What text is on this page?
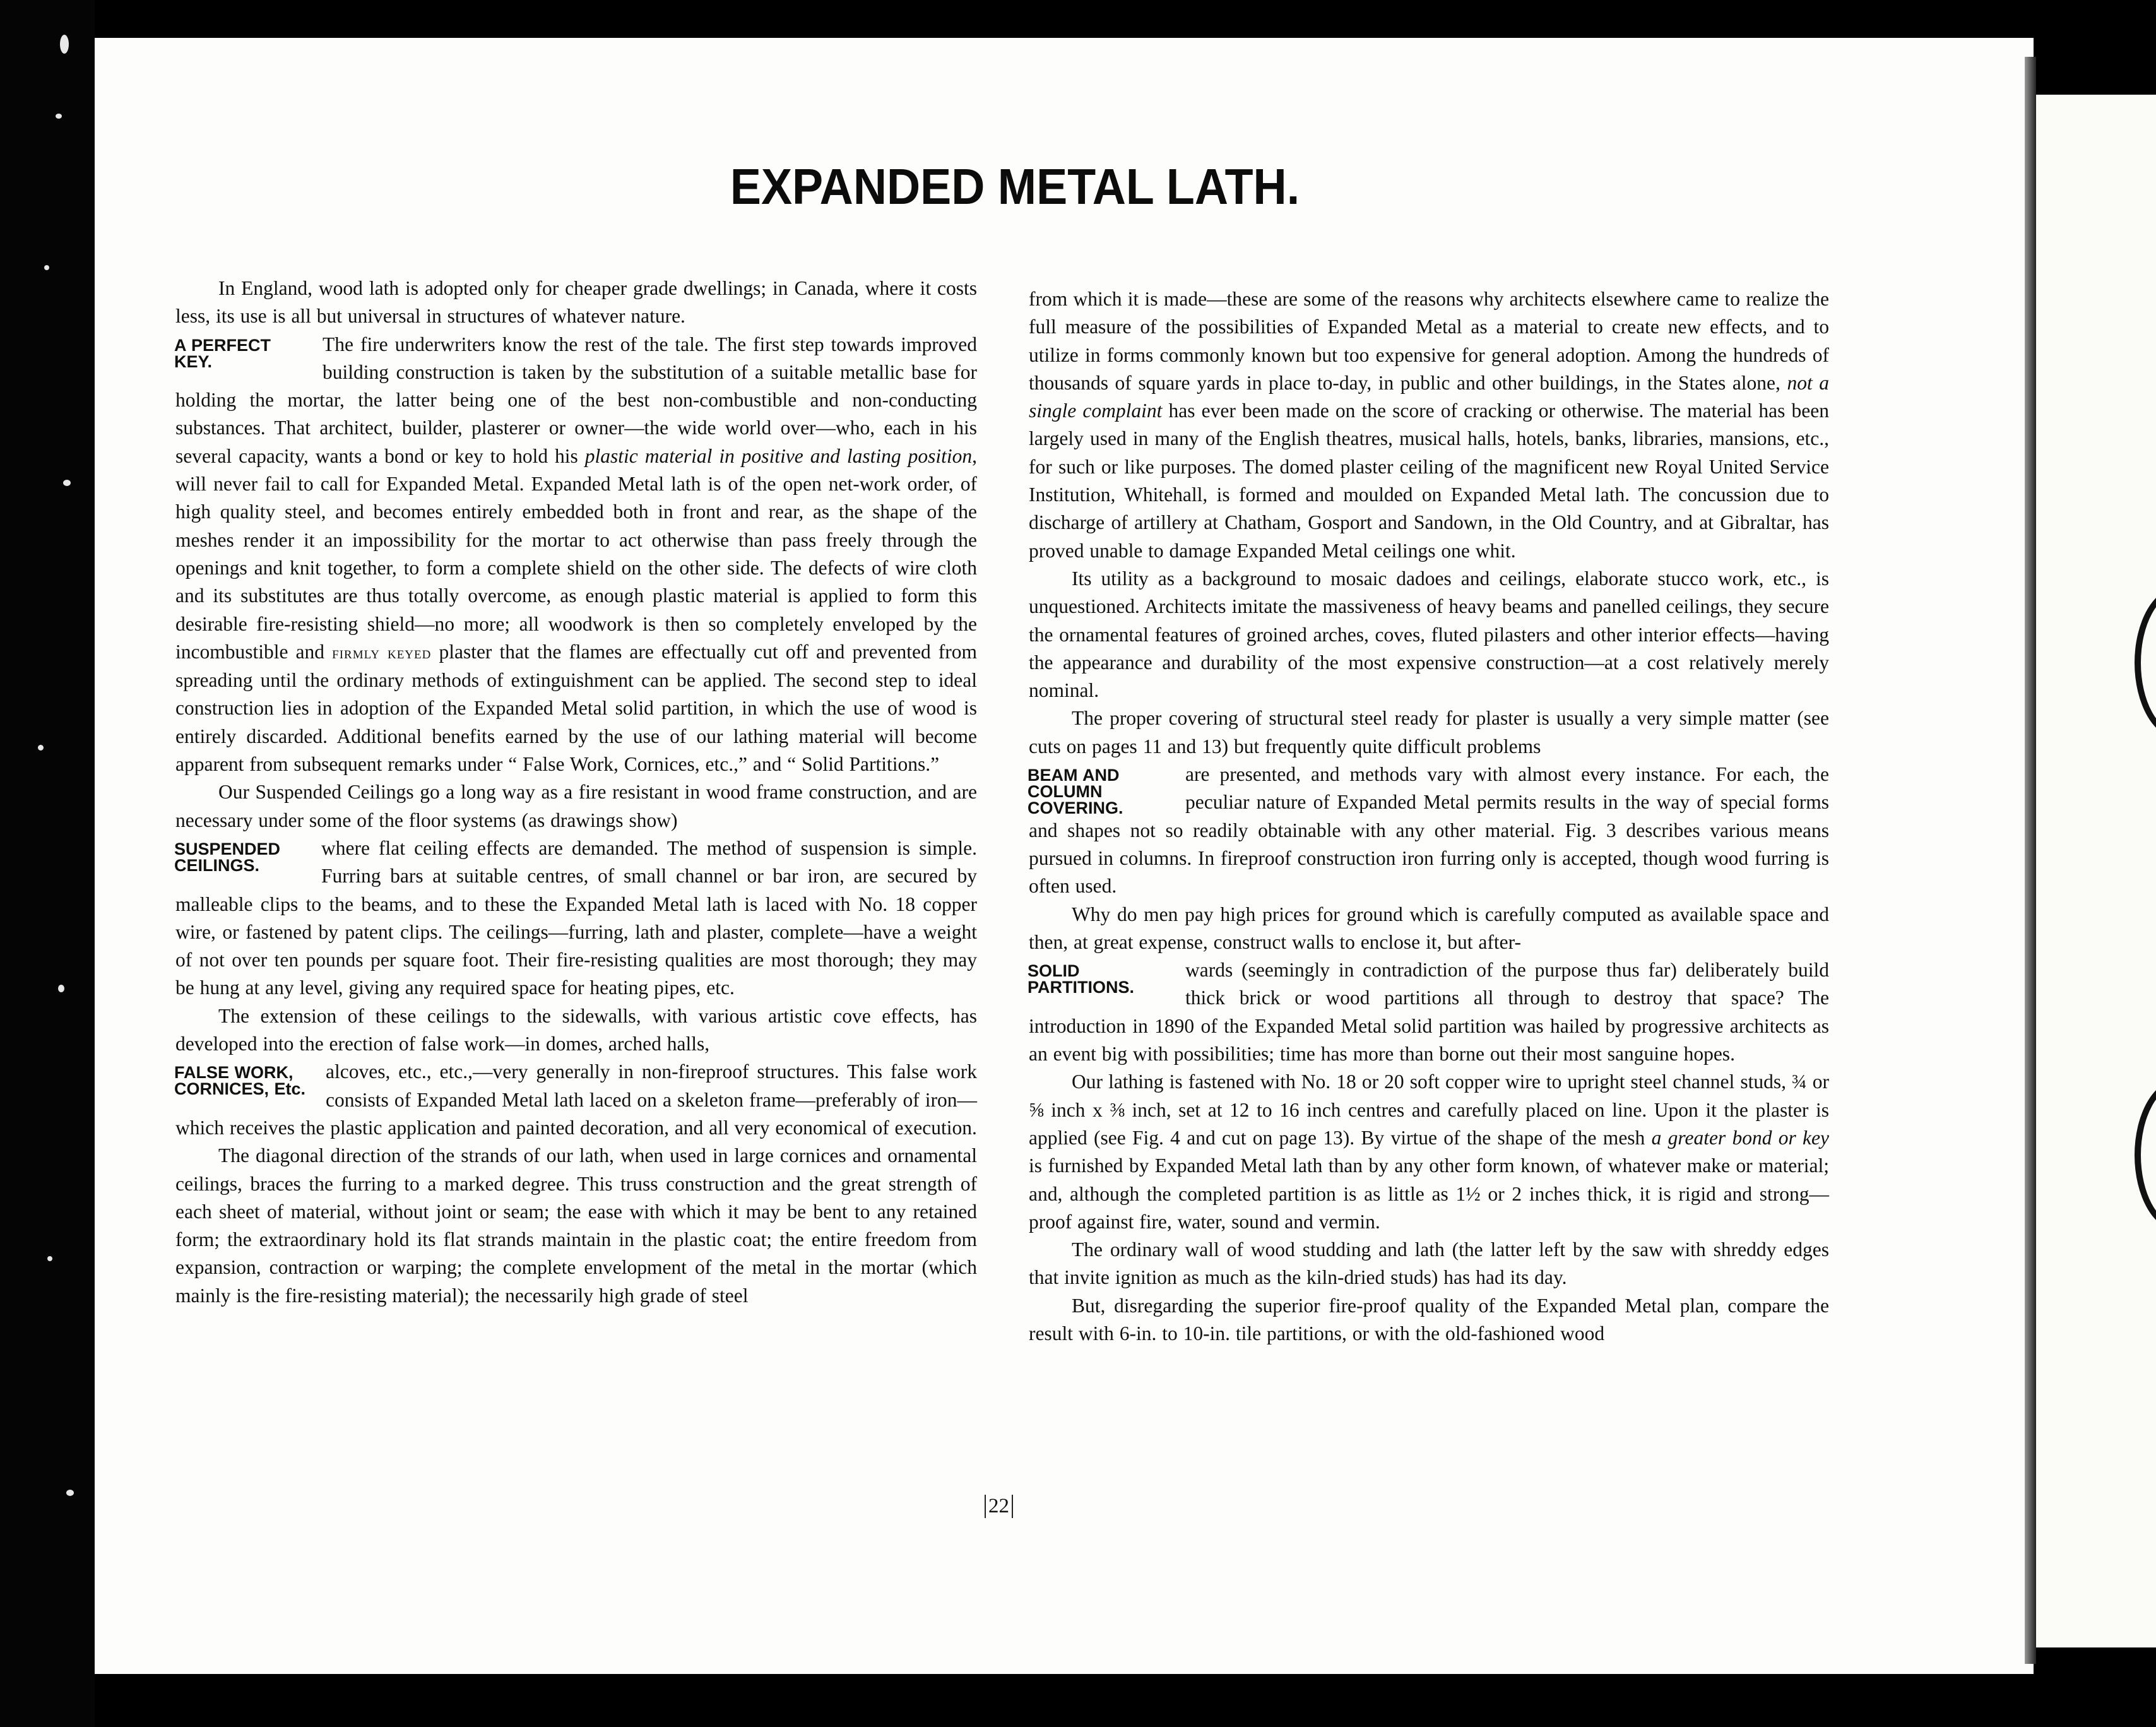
EXPANDED METAL LATH.

In England, wood lath is adopted only for cheaper grade dwellings; in Canada, where it costs less, its use is all but universal in structures of whatever nature.

A PERFECT
KEY.
The fire underwriters know the rest of the tale. The first step towards improved building construction is taken by the substitution of a suitable metallic base for holding the mortar, the latter being one of the best non-combustible and non-conducting substances. That architect, builder, plasterer or owner—the wide world over—who, each in his several capacity, wants a bond or key to hold his plastic material in positive and lasting position, will never fail to call for Expanded Metal. Expanded Metal lath is of the open net-work order, of high quality steel, and becomes entirely embedded both in front and rear, as the shape of the meshes render it an impossibility for the mortar to act otherwise than pass freely through the openings and knit together, to form a complete shield on the other side. The defects of wire cloth and its substitutes are thus totally overcome, as enough plastic material is applied to form this desirable fire-resisting shield—no more; all woodwork is then so completely enveloped by the incombustible and firmly keyed plaster that the flames are effectually cut off and prevented from spreading until the ordinary methods of extinguishment can be applied. The second step to ideal construction lies in adoption of the Expanded Metal solid partition, in which the use of wood is entirely discarded. Additional benefits earned by the use of our lathing material will become apparent from subsequent remarks under “ False Work, Cornices, etc.,” and “ Solid Partitions.”

Our Suspended Ceilings go a long way as a fire resistant in wood frame construction, and are necessary under some of the floor systems (as drawings show)

SUSPENDED
CEILINGS.
where flat ceiling effects are demanded. The method of suspension is simple. Furring bars at suitable centres, of small channel or bar iron, are secured by malleable clips to the beams, and to these the Expanded Metal lath is laced with No. 18 copper wire, or fastened by patent clips. The ceilings—furring, lath and plaster, complete—have a weight of not over ten pounds per square foot. Their fire-resisting qualities are most thorough; they may be hung at any level, giving any required space for heating pipes, etc.

The extension of these ceilings to the sidewalls, with various artistic cove effects, has developed into the erection of false work—in domes, arched halls,

FALSE WORK,
CORNICES, Etc.
alcoves, etc., etc.,—very generally in non-fireproof structures. This false work consists of Expanded Metal lath laced on a skeleton frame—preferably of iron—which receives the plastic application and painted decoration, and all very economical of execution.

The diagonal direction of the strands of our lath, when used in large cornices and ornamental ceilings, braces the furring to a marked degree. This truss construction and the great strength of each sheet of material, without joint or seam; the ease with which it may be bent to any retained form; the extraordinary hold its flat strands maintain in the plastic coat; the entire freedom from expansion, contraction or warping; the complete envelopment of the metal in the mortar (which mainly is the fire-resisting material); the necessarily high grade of steel

from which it is made—these are some of the reasons why architects elsewhere came to realize the full measure of the possibilities of Expanded Metal as a material to create new effects, and to utilize in forms commonly known but too expensive for general adoption. Among the hundreds of thousands of square yards in place to-day, in public and other buildings, in the States alone, not a single complaint has ever been made on the score of cracking or otherwise. The material has been largely used in many of the English theatres, musical halls, hotels, banks, libraries, mansions, etc., for such or like purposes. The domed plaster ceiling of the magnificent new Royal United Service Institution, Whitehall, is formed and moulded on Expanded Metal lath. The concussion due to discharge of artillery at Chatham, Gosport and Sandown, in the Old Country, and at Gibraltar, has proved unable to damage Expanded Metal ceilings one whit.

Its utility as a background to mosaic dadoes and ceilings, elaborate stucco work, etc., is unquestioned. Architects imitate the massiveness of heavy beams and panelled ceilings, they secure the ornamental features of groined arches, coves, fluted pilasters and other interior effects—having the appearance and durability of the most expensive construction—at a cost relatively merely nominal.

The proper covering of structural steel ready for plaster is usually a very simple matter (see cuts on pages 11 and 13) but frequently quite difficult problems

BEAM AND
COLUMN
COVERING.
are presented, and methods vary with almost every instance. For each, the peculiar nature of Expanded Metal permits results in the way of special forms and shapes not so readily obtainable with any other material. Fig. 3 describes various means pursued in columns. In fireproof construction iron furring only is accepted, though wood furring is often used.

Why do men pay high prices for ground which is carefully computed as available space and then, at great expense, construct walls to enclose it, but after-

SOLID
PARTITIONS.
wards (seemingly in contradiction of the purpose thus far) deliberately build thick brick or wood partitions all through to destroy that space? The introduction in 1890 of the Expanded Metal solid partition was hailed by progressive architects as an event big with possibilities; time has more than borne out their most sanguine hopes.

Our lathing is fastened with No. 18 or 20 soft copper wire to upright steel channel studs, ¾ or ⅝ inch x ⅜ inch, set at 12 to 16 inch centres and carefully placed on line. Upon it the plaster is applied (see Fig. 4 and cut on page 13). By virtue of the shape of the mesh a greater bond or key is furnished by Expanded Metal lath than by any other form known, of whatever make or material; and, although the completed partition is as little as 1½ or 2 inches thick, it is rigid and strong—proof against fire, water, sound and vermin.

The ordinary wall of wood studding and lath (the latter left by the saw with shreddy edges that invite ignition as much as the kiln-dried studs) has had its day.

But, disregarding the superior fire-proof quality of the Expanded Metal plan, compare the result with 6-in. to 10-in. tile partitions, or with the old-fashioned wood

22
